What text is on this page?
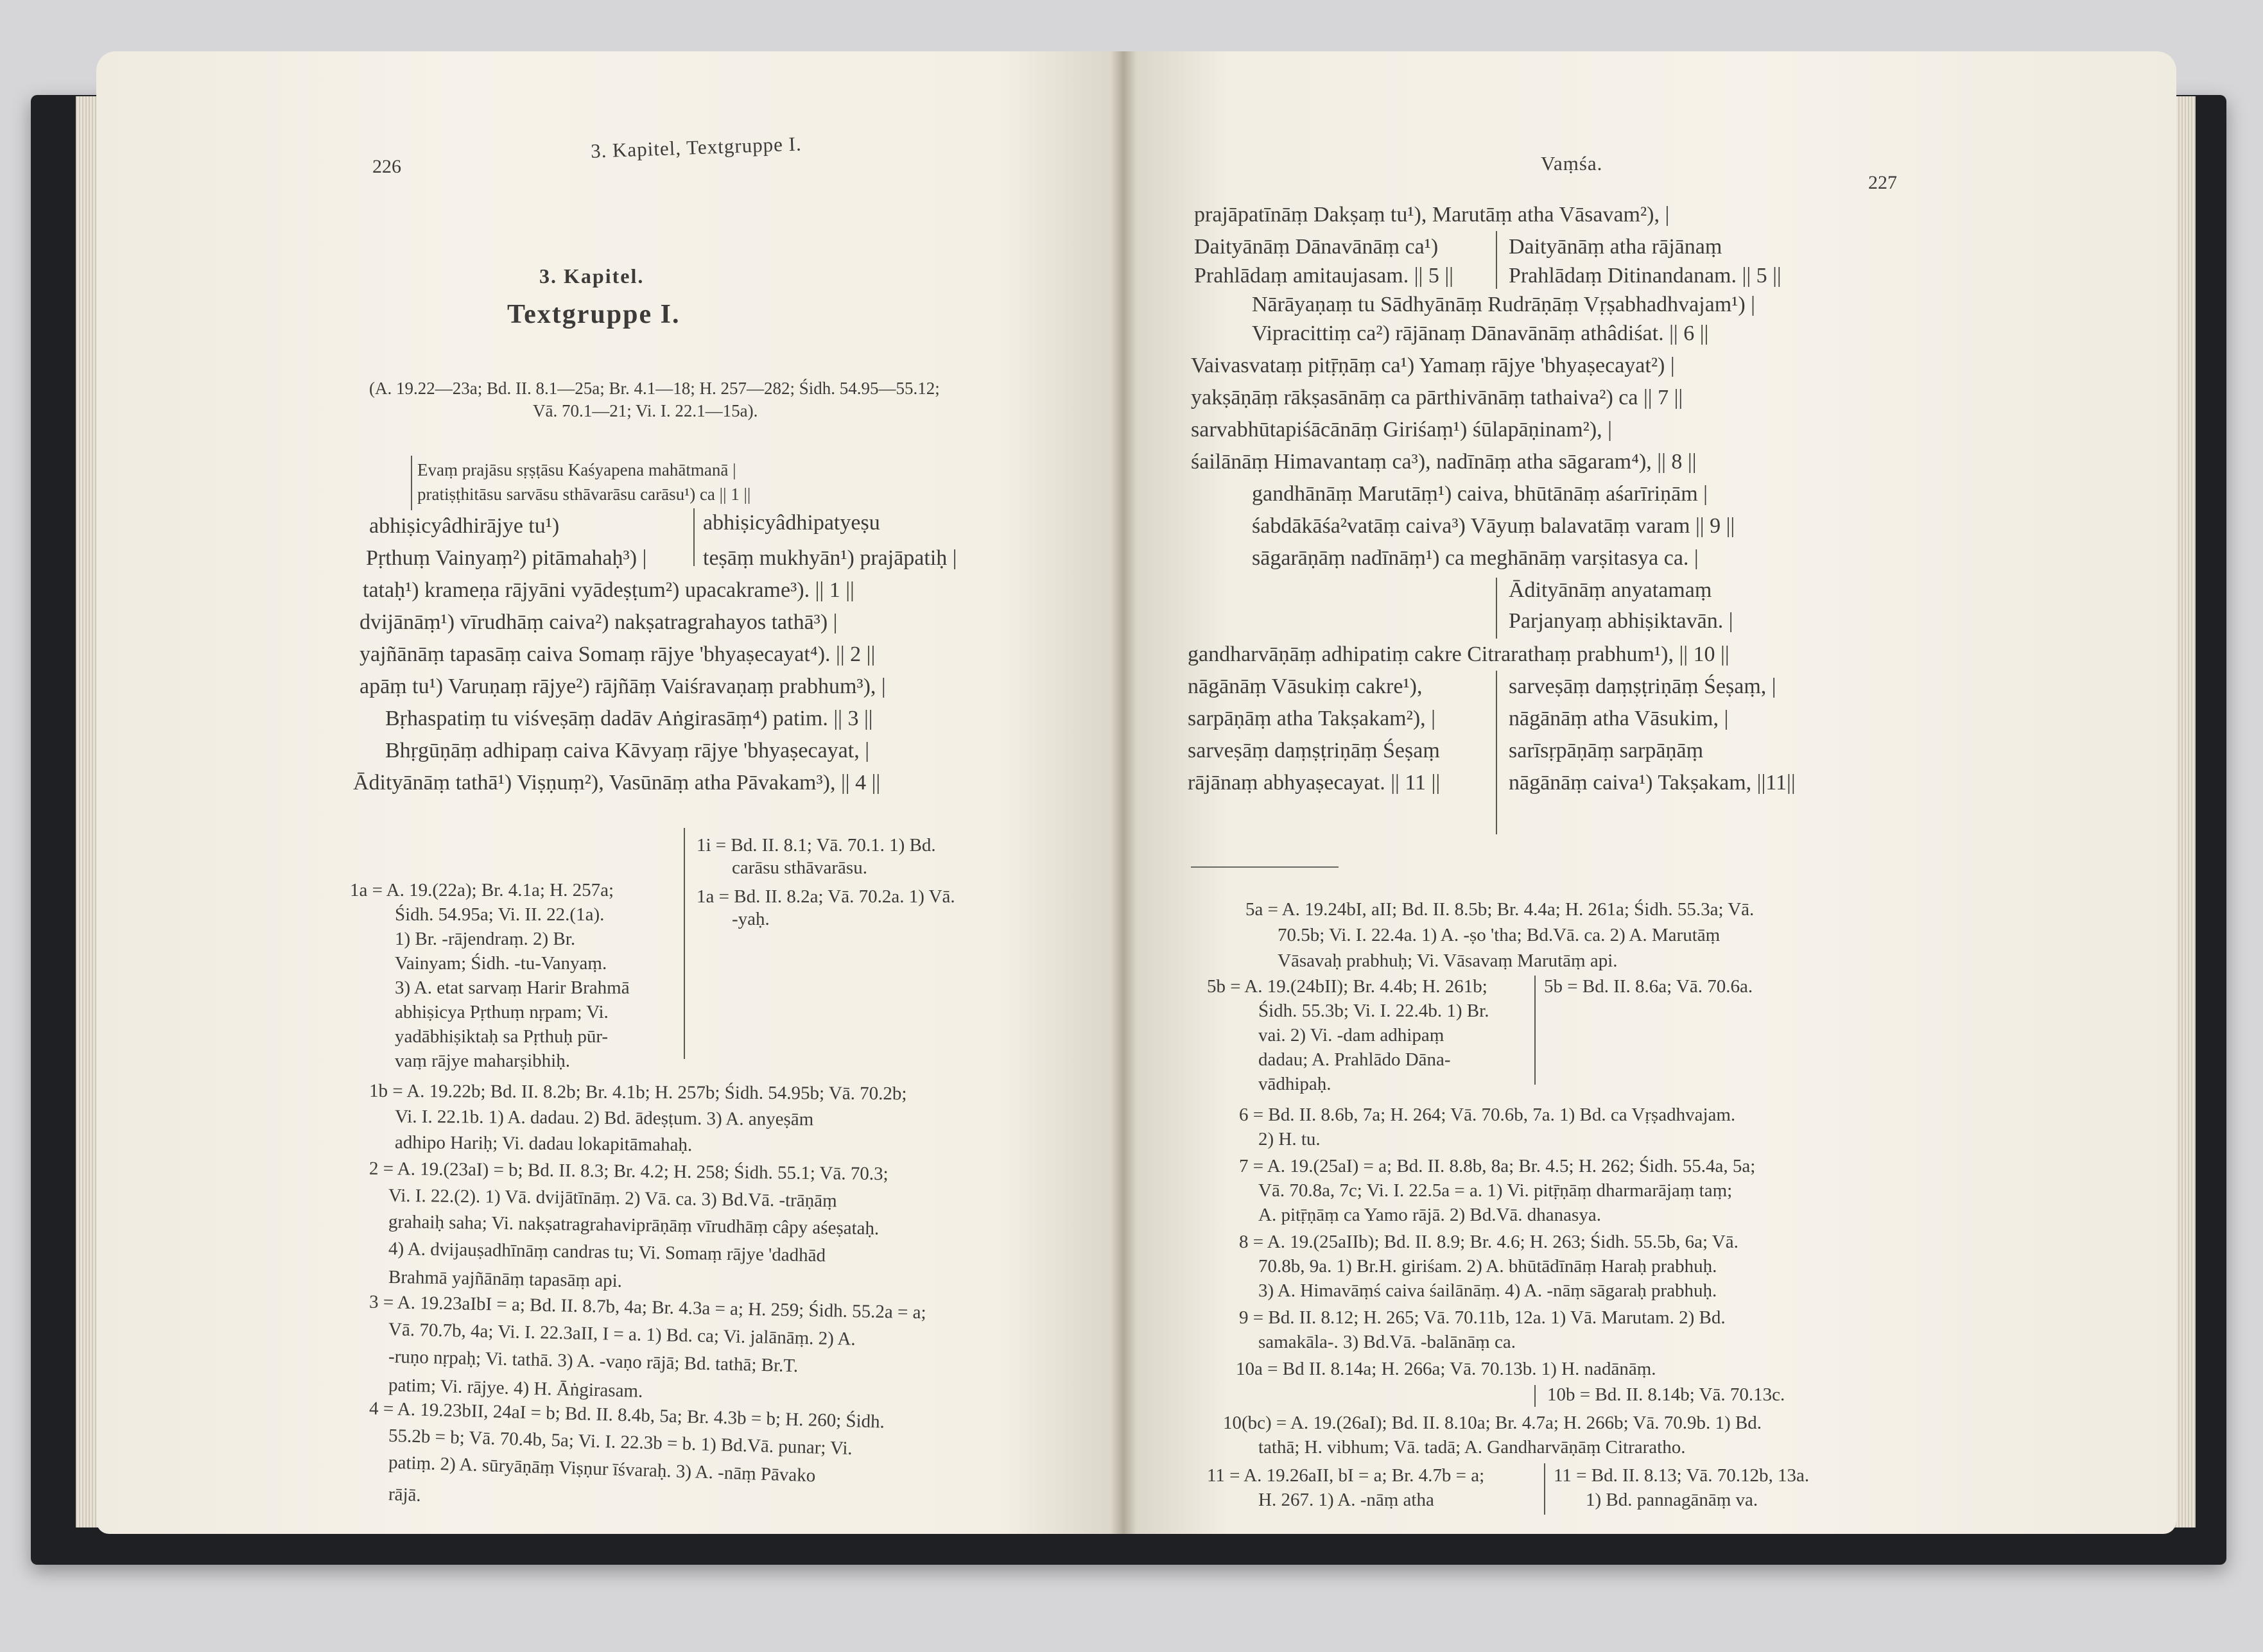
226
3. Kapitel, Textgruppe I.
3. Kapitel.
Textgruppe I.
(A. 19.22—23a; Bd. II. 8.1—25a; Br. 4.1—18; H. 257—282; Śidh. 54.95—55.12;
Vā. 70.1—21; Vi. I. 22.1—15a).
Evaṃ prajāsu sṛṣṭāsu Kaśyapena mahātmanā |
pratiṣṭhitāsu sarvāsu sthāvarāsu carāsu¹) ca || 1 ||
abhiṣicyâdhirājye tu¹)	abhiṣicyâdhipatyeṣu
Pṛthuṃ Vainyaṃ²) pitāmahaḥ³) |	teṣāṃ mukhyān¹) prajāpatiḥ |
tataḥ¹) krameṇa rājyāni vyādeṣṭum²) upacakrame³). || 1 ||
dvijānāṃ¹) vīrudhāṃ caiva²) nakṣatragrahayos tathā³) |
yajñānāṃ tapasāṃ caiva Somaṃ rājye 'bhyaṣecayat⁴). || 2 ||
apāṃ tu¹) Varuṇaṃ rājye²) rājñāṃ Vaiśravaṇaṃ prabhum³), |
Bṛhaspatiṃ tu viśveṣāṃ dadāv Aṅgirasāṃ⁴) patim. || 3 ||
Bhṛgūṇāṃ adhipaṃ caiva Kāvyaṃ rājye 'bhyaṣecayat, |
Ādityānāṃ tathā¹) Viṣṇuṃ²), Vasūnāṃ atha Pāvakam³), || 4 ||
1i = Bd. II. 8.1; Vā. 70.1. 1) Bd.
carāsu sthāvarāsu.
1a = Bd. II. 8.2a; Vā. 70.2a. 1) Vā.
-yaḥ.
1a = A. 19.(22a); Br. 4.1a; H. 257a;
Śidh. 54.95a; Vi. II. 22.(1a).
1) Br. -rājendraṃ. 2) Br.
Vainyam; Śidh. -tu-Vanyaṃ.
3) A. etat sarvaṃ Harir Brahmā
abhiṣicya Pṛthuṃ nṛpam; Vi.
yadābhiṣiktaḥ sa Pṛthuḥ pūr-
vaṃ rājye maharṣibhiḥ.
1b = A. 19.22b; Bd. II. 8.2b; Br. 4.1b; H. 257b; Śidh. 54.95b; Vā. 70.2b;
Vi. I. 22.1b. 1) A. dadau. 2) Bd. ādeṣṭum. 3) A. anyeṣām
adhipo Hariḥ; Vi. dadau lokapitāmahaḥ.
2 = A. 19.(23aI) = b; Bd. II. 8.3; Br. 4.2; H. 258; Śidh. 55.1; Vā. 70.3;
Vi. I. 22.(2). 1) Vā. dvijātīnāṃ. 2) Vā. ca. 3) Bd.Vā. -trāṇāṃ
grahaiḥ saha; Vi. nakṣatragrahaviprāṇāṃ vīrudhāṃ câpy aśeṣataḥ.
4) A. dvijauṣadhīnāṃ candras tu; Vi. Somaṃ rājye 'dadhād
Brahmā yajñānāṃ tapasāṃ api.
3 = A. 19.23aIbI = a; Bd. II. 8.7b, 4a; Br. 4.3a = a; H. 259; Śidh. 55.2a = a;
Vā. 70.7b, 4a; Vi. I. 22.3aII, I = a. 1) Bd. ca; Vi. jalānāṃ. 2) A.
-ruṇo nṛpaḥ; Vi. tathā. 3) A. -vaṇo rājā; Bd. tathā; Br.T.
patim; Vi. rājye. 4) H. Āṅgirasam.
4 = A. 19.23bII, 24aI = b; Bd. II. 8.4b, 5a; Br. 4.3b = b; H. 260; Śidh.
55.2b = b; Vā. 70.4b, 5a; Vi. I. 22.3b = b. 1) Bd.Vā. punar; Vi.
patiṃ. 2) A. sūryāṇāṃ Viṣṇur īśvaraḥ. 3) A. -nāṃ Pāvako
rājā.
Vaṃśa.
227
prajāpatīnāṃ Dakṣaṃ tu¹), Marutāṃ atha Vāsavam²), |
Daityānāṃ Dānavānāṃ ca¹)	Daityānāṃ atha rājānaṃ
Prahlādaṃ amitaujasam. || 5 ||	Prahlādaṃ Ditinandanam. || 5 ||
Nārāyaṇaṃ tu Sādhyānāṃ Rudrāṇāṃ Vṛṣabhadhvajam¹) |
Vipracittiṃ ca²) rājānaṃ Dānavānāṃ athâdiśat. || 6 ||
Vaivasvataṃ pitṝṇāṃ ca¹) Yamaṃ rājye 'bhyaṣecayat²) |
yakṣāṇāṃ rākṣasānāṃ ca pārthivānāṃ tathaiva²) ca || 7 ||
sarvabhūtapiśācānāṃ Giriśaṃ¹) śūlapāṇinam²), |
śailānāṃ Himavantaṃ ca³), nadīnāṃ atha sāgaram⁴), || 8 ||
gandhānāṃ Marutāṃ¹) caiva, bhūtānāṃ aśarīriṇām |
śabdākāśa²vatāṃ caiva³) Vāyuṃ balavatāṃ varam || 9 ||
sāgarāṇāṃ nadīnāṃ¹) ca meghānāṃ varṣitasya ca. |
Ādityānāṃ anyatamaṃ
Parjanyaṃ abhiṣiktavān. |
gandharvāṇāṃ adhipatiṃ cakre Citrarathaṃ prabhum¹), || 10 ||
nāgānāṃ Vāsukiṃ cakre¹),	sarveṣāṃ daṃṣṭriṇāṃ Śeṣaṃ, |
sarpāṇāṃ atha Takṣakam²), |	nāgānāṃ atha Vāsukim, |
sarveṣāṃ daṃṣṭriṇāṃ Śeṣaṃ	sarīsṛpāṇāṃ sarpāṇāṃ
rājānaṃ abhyaṣecayat. || 11 ||	nāgānāṃ caiva¹) Takṣakam, ||11||
5a = A. 19.24bI, aII; Bd. II. 8.5b; Br. 4.4a; H. 261a; Śidh. 55.3a; Vā.
70.5b; Vi. I. 22.4a. 1) A. -ṣo 'tha; Bd.Vā. ca. 2) A. Marutāṃ
Vāsavaḥ prabhuḥ; Vi. Vāsavaṃ Marutāṃ api.
5b = A. 19.(24bII); Br. 4.4b; H. 261b;
Śidh. 55.3b; Vi. I. 22.4b. 1) Br.
vai. 2) Vi. -dam adhipaṃ
dadau; A. Prahlādo Dāna-
vādhipaḥ.
5b = Bd. II. 8.6a; Vā. 70.6a.
6 = Bd. II. 8.6b, 7a; H. 264; Vā. 70.6b, 7a. 1) Bd. ca Vṛṣadhvajam.
2) H. tu.
7 = A. 19.(25aI) = a; Bd. II. 8.8b, 8a; Br. 4.5; H. 262; Śidh. 55.4a, 5a;
Vā. 70.8a, 7c; Vi. I. 22.5a = a. 1) Vi. pitṝṇāṃ dharmarājaṃ taṃ;
A. pitṝṇāṃ ca Yamo rājā. 2) Bd.Vā. dhanasya.
8 = A. 19.(25aIIb); Bd. II. 8.9; Br. 4.6; H. 263; Śidh. 55.5b, 6a; Vā.
70.8b, 9a. 1) Br.H. giriśam. 2) A. bhūtādīnāṃ Haraḥ prabhuḥ.
3) A. Himavāṃś caiva śailānāṃ. 4) A. -nāṃ sāgaraḥ prabhuḥ.
9 = Bd. II. 8.12; H. 265; Vā. 70.11b, 12a. 1) Vā. Marutam. 2) Bd.
samakāla-. 3) Bd.Vā. -balānāṃ ca.
10a = Bd II. 8.14a; H. 266a; Vā. 70.13b. 1) H. nadānāṃ.
10b = Bd. II. 8.14b; Vā. 70.13c.
10(bc) = A. 19.(26aI); Bd. II. 8.10a; Br. 4.7a; H. 266b; Vā. 70.9b. 1) Bd.
tathā; H. vibhum; Vā. tadā; A. Gandharvāṇāṃ Citraratho.
11 = A. 19.26aII, bI = a; Br. 4.7b = a;
H. 267. 1) A. -nāṃ atha
11 = Bd. II. 8.13; Vā. 70.12b, 13a.
1) Bd. pannagānāṃ va.
